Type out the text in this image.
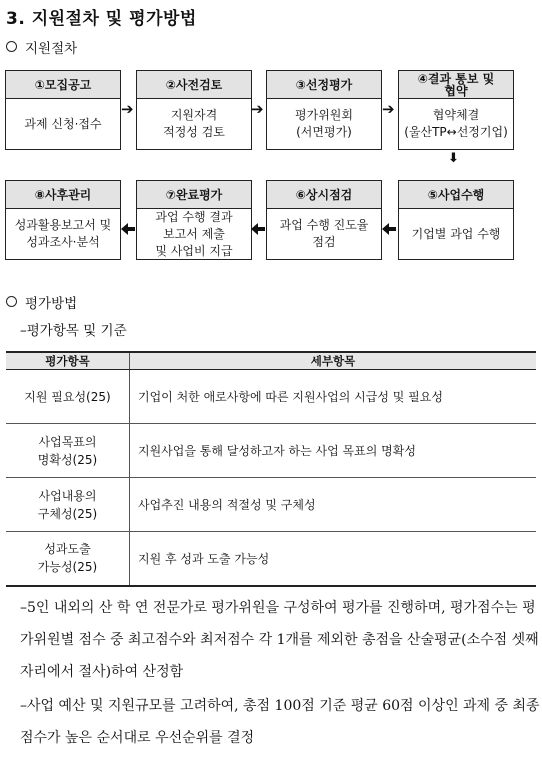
3. 지원절차 및 평가방법
지원절차
①모집공고
과제 신청·접수
②사전검토
지원자격
적정성 검토
③선정평가
평가위원회
(서면평가)
④결과 통보 및
협약
협약체결
(울산TP↔선정기업)
➔	➔	➔
⬇
⑧사후관리
성과활용보고서 및
성과조사·분석
⑦완료평가
과업 수행 결과
보고서 제출
및 사업비 지급
⑥상시점검
과업 수행 진도율
점검
⑤사업수행
기업별 과업 수행
평가방법
–평가항목 및 기준
평가항목	세부항목
지원 필요성(25)	기업이 처한 애로사항에 따른 지원사업의 시급성 및 필요성
사업목표의
명확성(25)	지원사업을 통해 달성하고자 하는 사업 목표의 명확성
사업내용의
구체성(25)	사업추진 내용의 적절성 및 구체성
성과도출
가능성(25)	지원 후 성과 도출 가능성
–5인 내외의 산 학 연 전문가로 평가위원을 구성하여 평가를 진행하며, 평가점수는 평가위원별 점수 중 최고점수와 최저점수 각 1개를 제외한 총점을 산술평균(소수점 셋째자리에서 절사)하여 산정함
–사업 예산 및 지원규모를 고려하여, 총점 100점 기준 평균 60점 이상인 과제 중 최종점수가 높은 순서대로 우선순위를 결정
